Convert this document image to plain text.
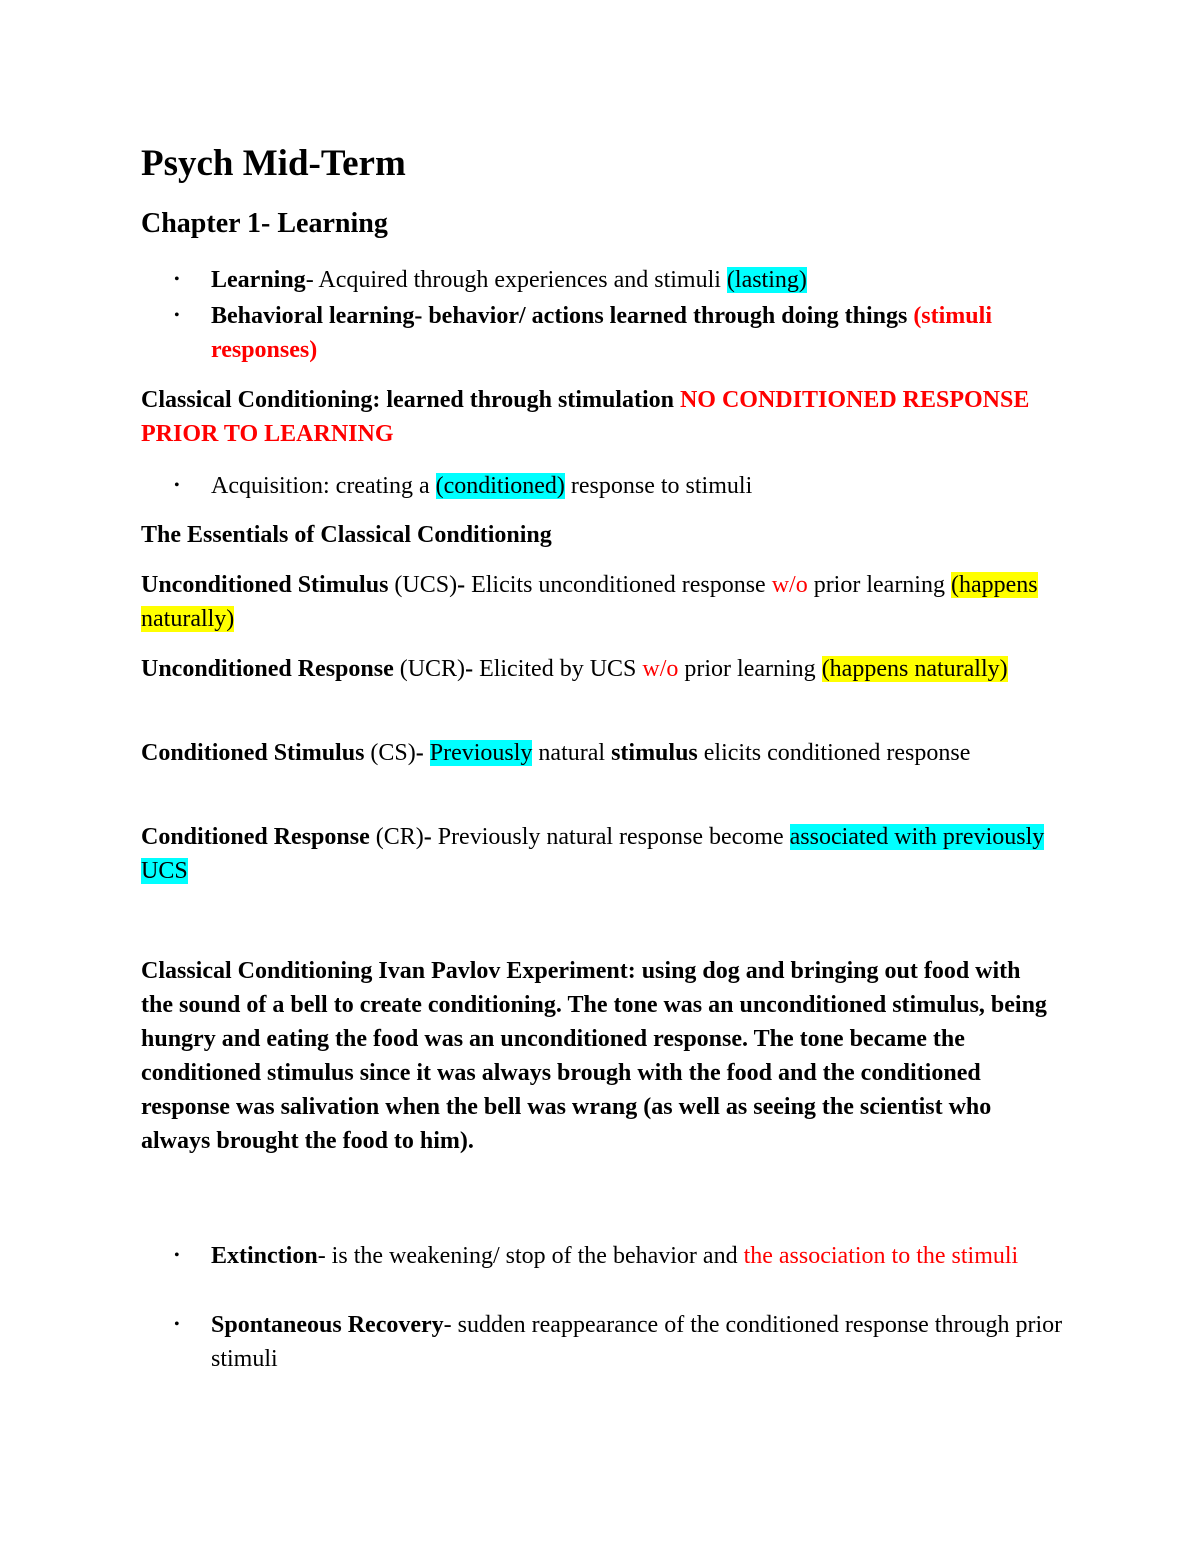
Psych Mid-Term
Chapter 1- Learning
• Learning- Acquired through experiences and stimuli (lasting)
• Behavioral learning- behavior/ actions learned through doing things (stimuli responses)
Classical Conditioning: learned through stimulation NO CONDITIONED RESPONSE PRIOR TO LEARNING
• Acquisition: creating a (conditioned) response to stimuli
The Essentials of Classical Conditioning
Unconditioned Stimulus (UCS)- Elicits unconditioned response w/o prior learning (happens naturally)
Unconditioned Response (UCR)- Elicited by UCS w/o prior learning (happens naturally)
Conditioned Stimulus (CS)- Previously natural stimulus elicits conditioned response
Conditioned Response (CR)- Previously natural response become associated with previously UCS
Classical Conditioning Ivan Pavlov Experiment: using dog and bringing out food with the sound of a bell to create conditioning. The tone was an unconditioned stimulus, being hungry and eating the food was an unconditioned response. The tone became the conditioned stimulus since it was always brough with the food and the conditioned response was salivation when the bell was wrang (as well as seeing the scientist who always brought the food to him).
• Extinction- is the weakening/ stop of the behavior and the association to the stimuli
• Spontaneous Recovery- sudden reappearance of the conditioned response through prior stimuli
